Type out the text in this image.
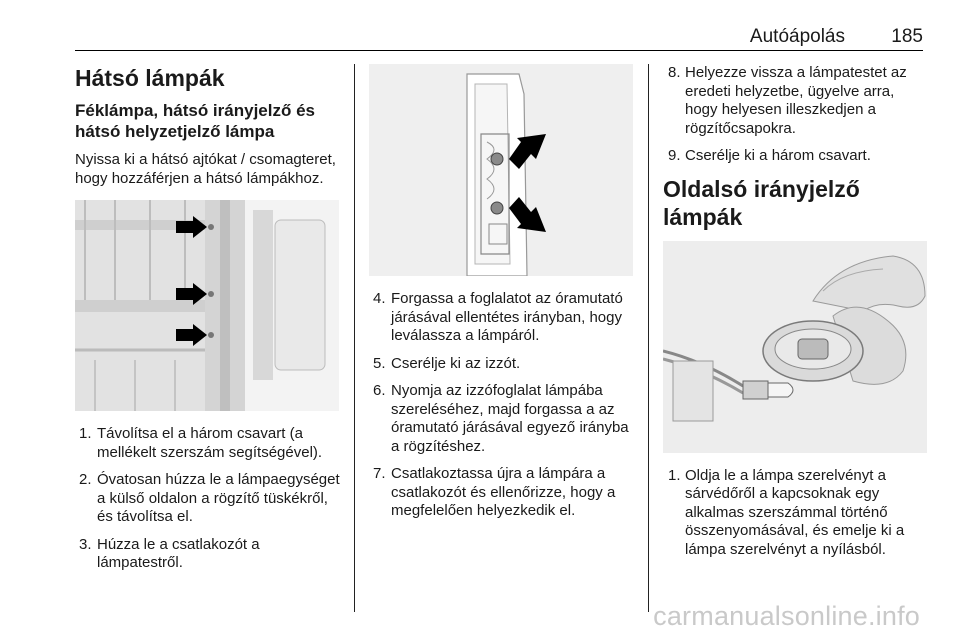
Autóápolás 185
Hátsó lámpák
Féklámpa, hátsó irányjelző és hátsó helyzetjelző lámpa

Nyissa ki a hátsó ajtókat / csomagteret, hogy hozzáférjen a hátsó lámpákhoz.

1. Távolítsa el a három csavart (a mellékelt szerszám segítségével).
2. Óvatosan húzza le a lámpaegységet a külső oldalon a rögzítő tüskékről, és távolítsa el.
3. Húzza le a csatlakozót a lámpatestről.
4. Forgassa a foglalatot az óramutató járásával ellentétes irányban, hogy leválassza a lámpáról.
5. Cserélje ki az izzót.
6. Nyomja az izzófoglalat lámpába szereléséhez, majd forgassa a az óramutató járásával egyező irányba a rögzítéshez.
7. Csatlakoztassa újra a lámpára a csatlakozót és ellenőrizze, hogy a megfelelően helyezkedik el.
8. Helyezze vissza a lámpatestet az eredeti helyzetbe, ügyelve arra, hogy helyesen illeszkedjen a rögzítőcsapokra.
9. Cserélje ki a három csavart.
Oldalsó irányjelző lámpák
1. Oldja le a lámpa szerelvényt a sárvédőről a kapcsoknak egy alkalmas szerszámmal történő összenyomásával, és emelje ki a lámpa szerelvényt a nyílásból.
carmanualsonline.info
